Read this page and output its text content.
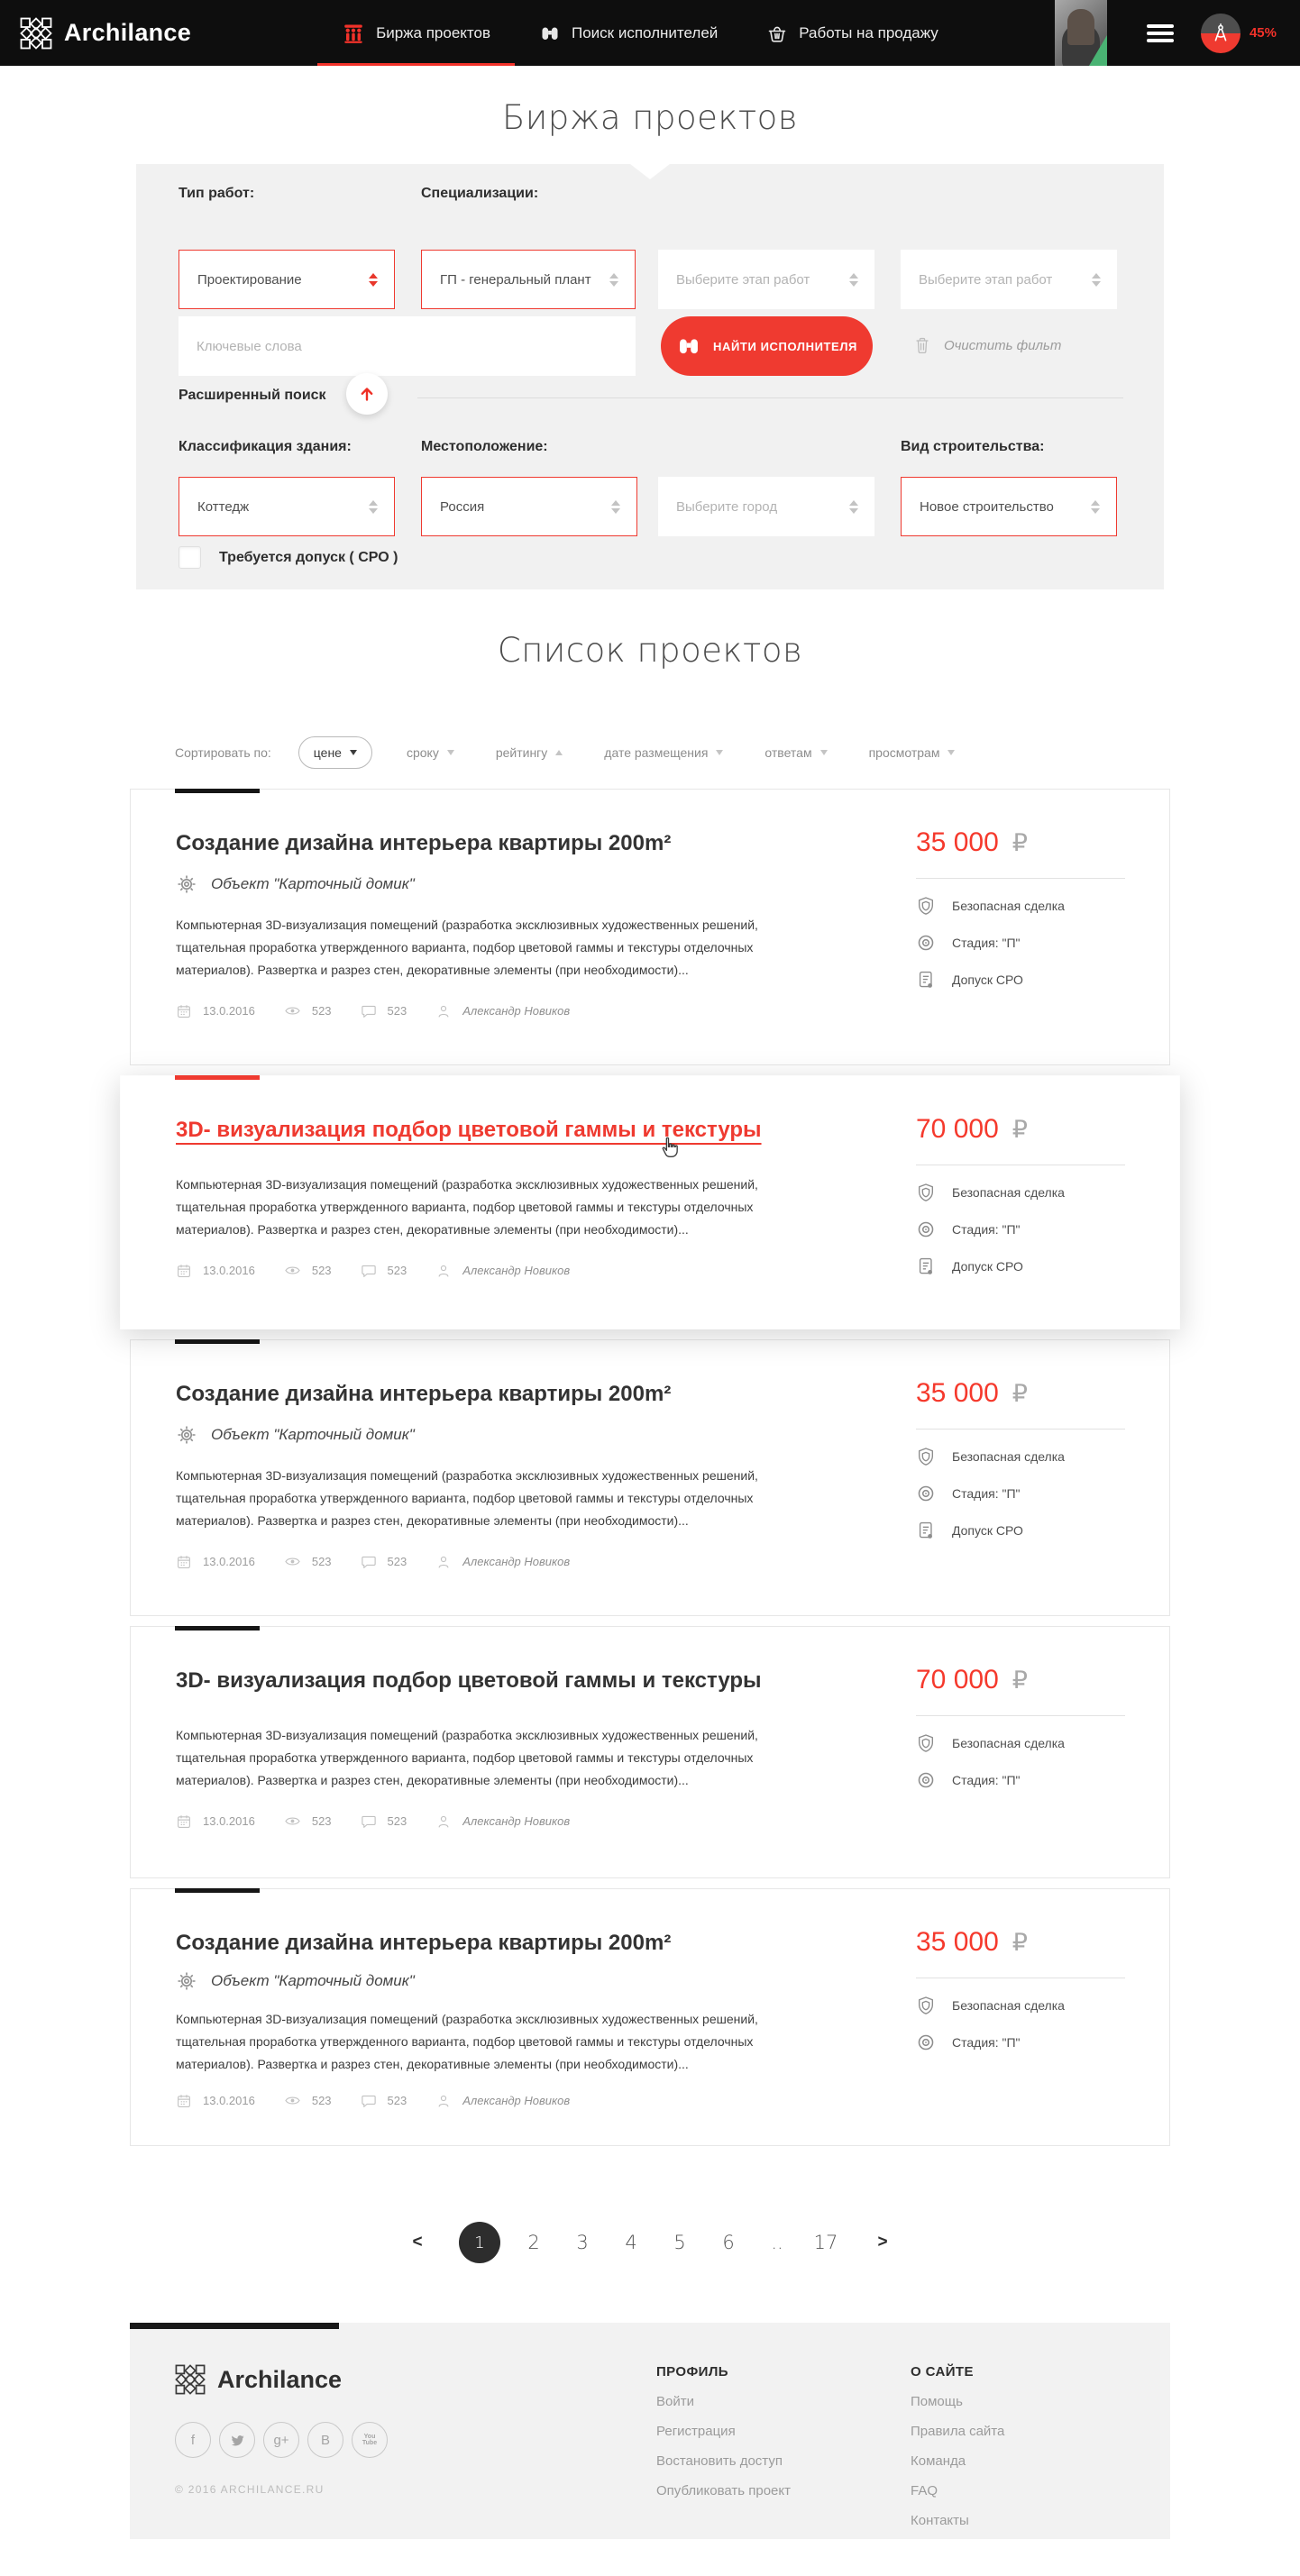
Archilance	Биржа проектов	Поиск исполнителей	Работы на продажу	45%
Биржа проектов
Тип работ:	Специализации:
Проектирование	ГП - генеральный плант	Выберите этап работ	Выберите этап работ
Ключевые слова
НАЙТИ ИСПОЛНИТЕЛЯ	Очистить фильт
Расширенный поиск
Классификация здания:	Местоположение:	Вид строительства:
Коттедж	Россия	Выберите город	Новое строительство
Требуется допуск ( СРО )
Список проектов
Сортировать по:	цене	сроку	рейтингу	дате размещения	ответам	просмотрам
Создание дизайна интерьера квартиры 200m²
Объект "Карточный домик"

Компьютерная 3D-визуализация помещений (разработка эксклюзивных художественных решений, тщательная проработка утвержденного варианта, подбор цветовой гаммы и текстуры отделочных материалов). Развертка и разрез стен, декоративные элементы (при необходимости)...

13.0.2016	523	523	Александр Новиков
35 000 ₽
Безопасная сделка
Стадия: "П"
Допуск СРО
3D- визуализация подбор цветовой гаммы и текстуры

Компьютерная 3D-визуализация помещений (разработка эксклюзивных художественных решений, тщательная проработка утвержденного варианта, подбор цветовой гаммы и текстуры отделочных материалов). Развертка и разрез стен, декоративные элементы (при необходимости)...

13.0.2016	523	523	Александр Новиков
70 000 ₽
Безопасная сделка
Стадия: "П"
Допуск СРО
Создание дизайна интерьера квартиры 200m²
Объект "Карточный домик"

Компьютерная 3D-визуализация помещений (разработка эксклюзивных художественных решений, тщательная проработка утвержденного варианта, подбор цветовой гаммы и текстуры отделочных материалов). Развертка и разрез стен, декоративные элементы (при необходимости)...

13.0.2016	523	523	Александр Новиков
35 000 ₽
Безопасная сделка
Стадия: "П"
Допуск СРО
3D- визуализация подбор цветовой гаммы и текстуры

Компьютерная 3D-визуализация помещений (разработка эксклюзивных художественных решений, тщательная проработка утвержденного варианта, подбор цветовой гаммы и текстуры отделочных материалов). Развертка и разрез стен, декоративные элементы (при необходимости)...

13.0.2016	523	523	Александр Новиков
70 000 ₽
Безопасная сделка
Стадия: "П"
Создание дизайна интерьера квартиры 200m²
Объект "Карточный домик"

Компьютерная 3D-визуализация помещений (разработка эксклюзивных художественных решений, тщательная проработка утвержденного варианта, подбор цветовой гаммы и текстуры отделочных материалов). Развертка и разрез стен, декоративные элементы (при необходимости)...

13.0.2016	523	523	Александр Новиков
35 000 ₽
Безопасная сделка
Стадия: "П"
<	1	2	3	4	5	6	..	17	>
Archilance
f	g+ В	You Tube
© 2016 ARCHILANCE.RU
ПРОФИЛЬ
Войти
Регистрация
Востановить доступ
Опубликовать проект
О САЙТЕ
Помощь
Правила сайта
Команда
FAQ
Контакты
